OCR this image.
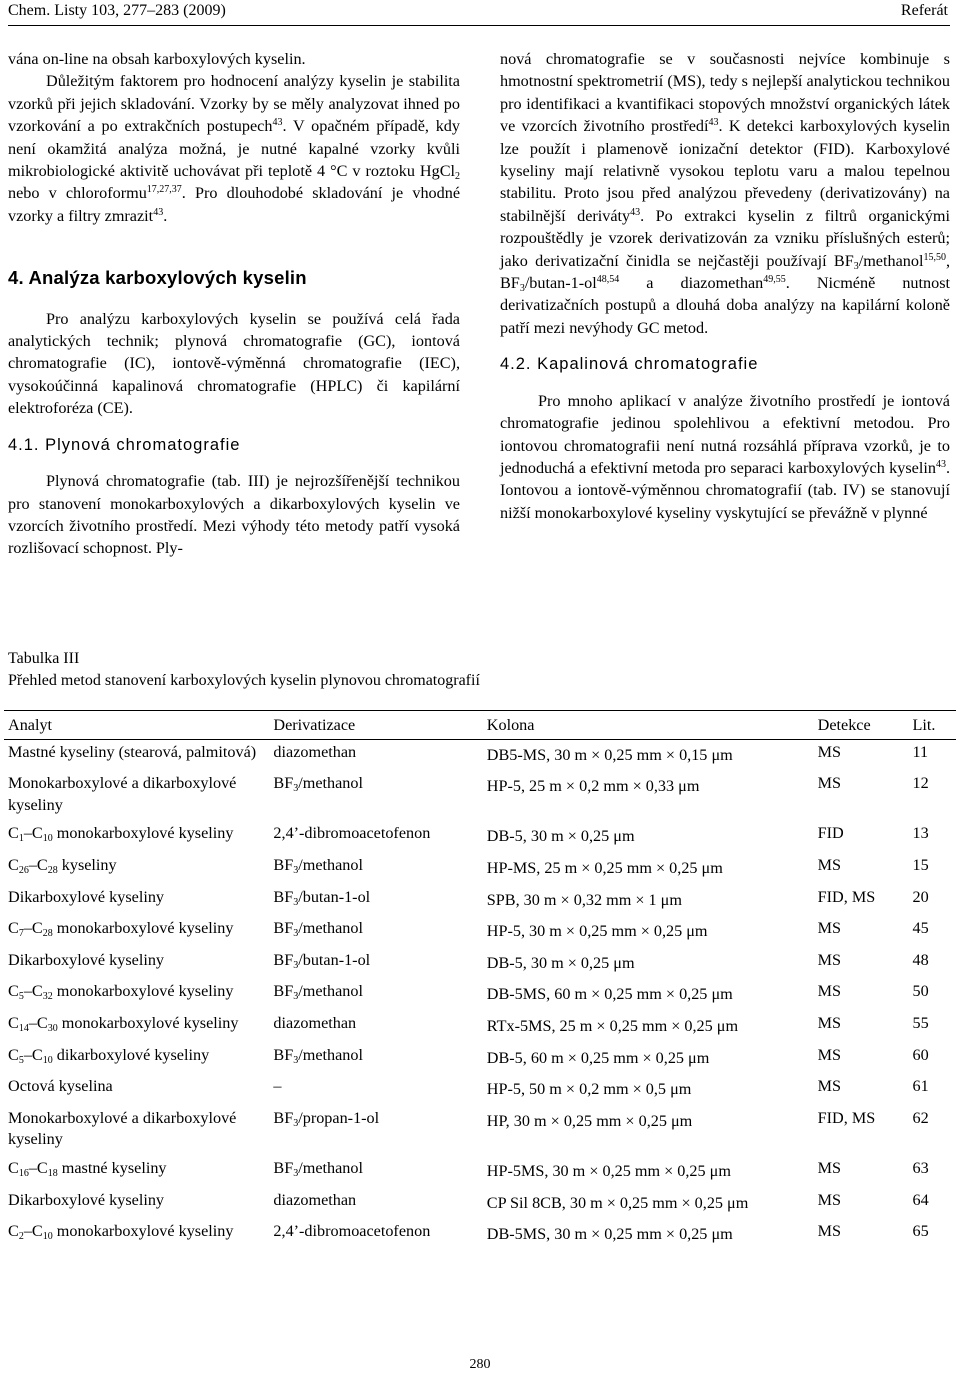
Chem. Listy 103, 277–283 (2009)	Referát

vána on-line na obsah karboxylových kyselin.

Důležitým faktorem pro hodnocení analýzy kyselin je stabilita vzorků při jejich skladování. Vzorky by se měly analyzovat ihned po vzorkování a po extrakčních postupech$^{43}$. V opačném případě, kdy není okamžitá analýza možná, je nutné kapalné vzorky kvůli mikrobiologické aktivitě uchovávat při teplotě 4 °C v roztoku HgCl$_2$ nebo v chloroformu$^{17,27,37}$. Pro dlouhodobé skladování je vhodné vzorky a filtry zmrazit$^{43}$.

4. Analýza karboxylových kyselin

Pro analýzu karboxylových kyselin se používá celá řada analytických technik; plynová chromatografie (GC), iontová chromatografie (IC), iontově-výměnná chromatografie (IEC), vysokoúčinná kapalinová chromatografie (HPLC) či kapilární elektroforéza (CE).

4.1. Plynová chromatografie

Plynová chromatografie (tab. III) je nejrozšířenější technikou pro stanovení monokarboxylových a dikarboxylových kyselin ve vzorcích životního prostředí. Mezi výhody této metody patří vysoká rozlišovací schopnost. Ply-

nová chromatografie se v současnosti nejvíce kombinuje s hmotnostní spektrometrií (MS), tedy s nejlepší analytickou technikou pro identifikaci a kvantifikaci stopových množství organických látek ve vzorcích životního prostředí$^{43}$. K detekci karboxylových kyselin lze použít i plamenově ionizační detektor (FID). Karboxylové kyseliny mají relativně vysokou teplotu varu a malou tepelnou stabilitu. Proto jsou před analýzou převedeny (derivatizovány) na stabilnější deriváty$^{43}$. Po extrakci kyselin z filtrů organickými rozpouštědly je vzorek derivatizován za vzniku příslušných esterů; jako derivatizační činidla se nejčastěji používají $BF_3/methanol^{15,50}$, $BF_3/butan-1-ol^{48,54}$ a diazomethan$^{49,55}$. Nicméně nutnost derivatizačních postupů a dlouhá doba analýzy na kapilární koloně patří mezi nevýhody GC metod.

4.2. Kapalinová chromatografie

Pro mnoho aplikací v analýze životního prostředí je iontová chromatografie jedinou spolehlivou a efektivní metodou. Pro iontovou chromatografii není nutná rozsáhlá příprava vzorků, je to jednoduchá a efektivní metoda pro separaci karboxylových kyselin$^{43}$. Iontovou a iontově-výměnnou chromatografií (tab. IV) se stanovují nižší monokarboxylové kyseliny vyskytující se převážně v plynné

Tabulka III
Přehled metod stanovení karboxylových kyselin plynovou chromatografií
Analyt	Derivatizace	Kolona	Detekce	Lit.
Mastné kyseliny (stearová, palmitová)	diazomethan	DB5-MS, 30 m × 0,25 mm × 0,15 μm	MS	11
Monokarboxylové a dikarboxylové kyseliny	$BF_3$/methanol	HP-5, 25 m × 0,2 mm × 0,33 μm	MS	12
$C_1-C_{10}$ monokarboxylové kyseliny	2,4’-dibromoacetofenon	DB-5, 30 m × 0,25 μm	FID	13
$C_{26}-C_{28}$ kyseliny	$BF_3$/methanol	HP-MS, 25 m × 0,25 mm × 0,25 μm	MS	15
Dikarboxylové kyseliny	$BF_3/butan-1-ol$	SPB, 30 m × 0,32 mm × 1 μm	FID, MS	20
$C_7-C_{28}$ monokarboxylové kyseliny	$BF_3$/methanol	HP-5, 30 m × 0,25 mm × 0,25 μm	MS	45
Dikarboxylové kyseliny	$BF_3/butan-1-ol$	DB-5, 30 m × 0,25 μm	MS	48
$C_5-C_{32}$ monokarboxylové kyseliny	$BF_3$/methanol	DB-5MS, 60 m × 0,25 mm × 0,25 μm	MS	50
$C_{14}-C_{30}$ monokarboxylové kyseliny	diazomethan	RTx-5MS, 25 m × 0,25 mm × 0,25 μm	MS	55
$C_5-C_{10}$ dikarboxylové kyseliny	$BF_3$/methanol	DB-5, 60 m × 0,25 mm × 0,25 μm	MS	60
Octová kyselina	–	HP-5, 50 m × 0,2 mm × 0,5 μm	MS	61
Monokarboxylové a dikarboxylové kyseliny	$BF_3/propan-1-ol$	HP, 30 m × 0,25 mm × 0,25 μm	FID, MS	62
$C_{16}-C_{18}$ mastné kyseliny	$BF_3$/methanol	HP-5MS, 30 m × 0,25 mm × 0,25 μm	MS	63
Dikarboxylové kyseliny	diazomethan	CP Sil 8CB, 30 m × 0,25 mm × 0,25 μm	MS	64
$C_2-C_{10}$ monokarboxylové kyseliny	2,4’-dibromoacetofenon	DB-5MS, 30 m × 0,25 mm × 0,25 μm	MS	65
280
